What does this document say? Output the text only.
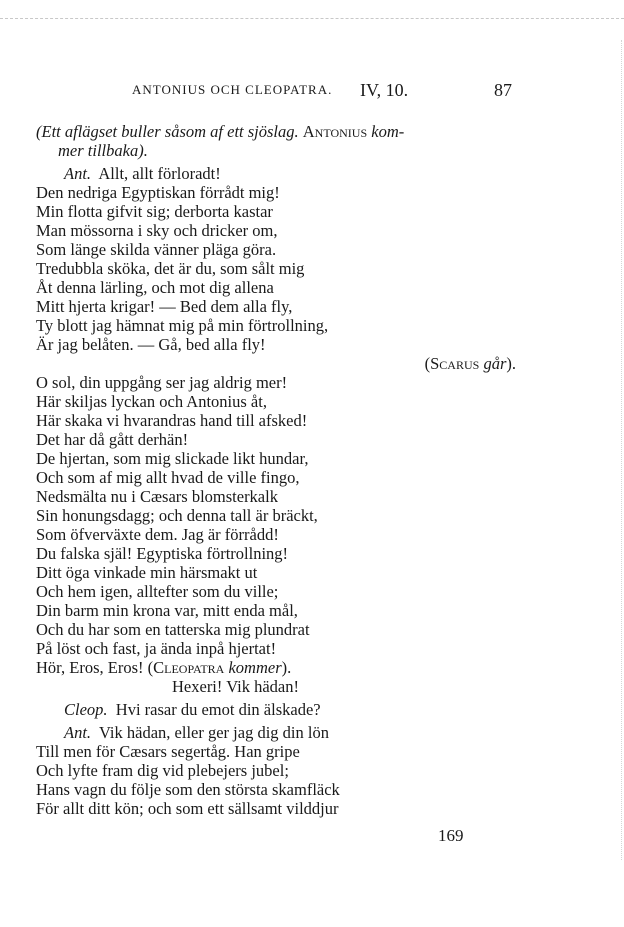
ANTONIUS OCH CLEOPATRA. IV, 10.	87
(Ett aflägset buller såsom af ett sjöslag. Antonius kom-
mer tillbaka).
Ant. Allt, allt förloradt!
Den nedriga Egyptiskan förrådt mig!
Min flotta gifvit sig; derborta kastar
Man mössorna i sky och dricker om,
Som länge skilda vänner pläga göra.
Tredubbla sköka, det är du, som sålt mig
Åt denna lärling, och mot dig allena
Mitt hjerta krigar! — Bed dem alla fly,
Ty blott jag hämnat mig på min förtrollning,
Är jag belåten. — Gå, bed alla fly!
(Scarus går).
O sol, din uppgång ser jag aldrig mer!
Här skiljas lyckan och Antonius åt,
Här skaka vi hvarandras hand till afsked!
Det har då gått derhän!
De hjertan, som mig slickade likt hundar,
Och som af mig allt hvad de ville fingo,
Nedsmälta nu i Cæsars blomsterkalk
Sin honungsdagg; och denna tall är bräckt,
Som öfverväxte dem. Jag är förrådd!
Du falska själ! Egyptiska förtrollning!
Ditt öga vinkade min härsmakt ut
Och hem igen, alltefter som du ville;
Din barm min krona var, mitt enda mål,
Och du har som en tatterska mig plundrat
På löst och fast, ja ända inpå hjertat!
Hör, Eros, Eros! (Cleopatra kommer).
Hexeri! Vik hädan!
Cleop. Hvi rasar du emot din älskade?
Ant. Vik hädan, eller ger jag dig din lön
Till men för Cæsars segertåg. Han gripe
Och lyfte fram dig vid plebejers jubel;
Hans vagn du följe som den största skamfläck
För allt ditt kön; och som ett sällsamt vilddjur
169
